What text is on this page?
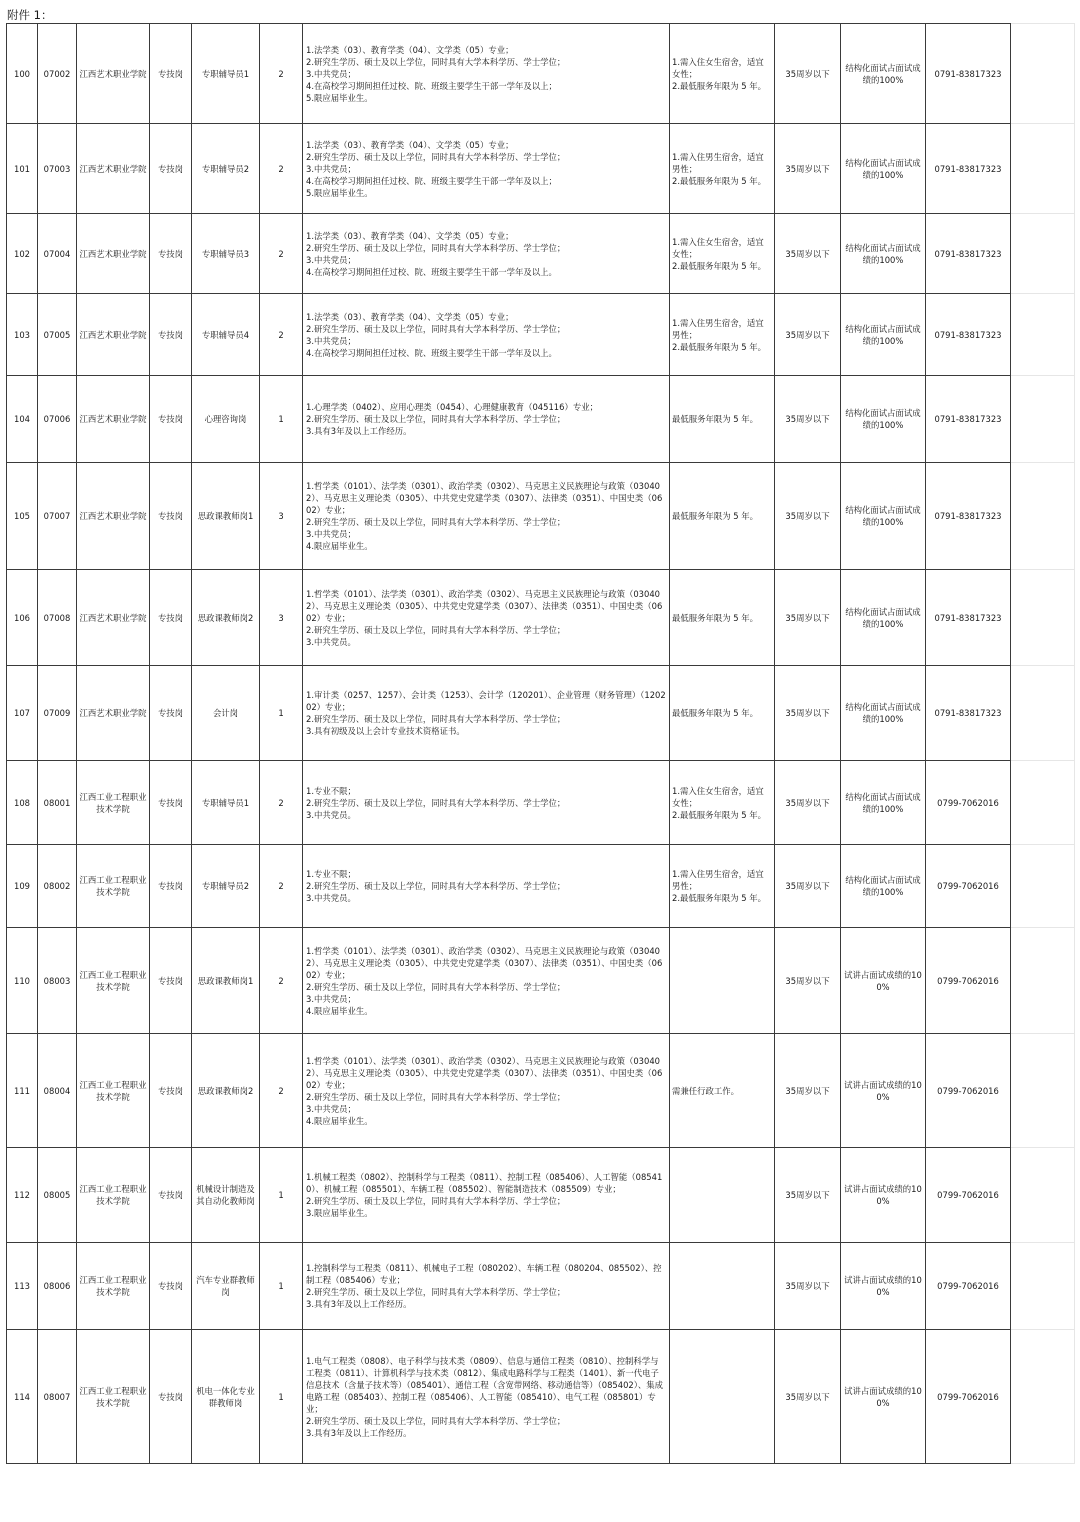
附件 1：
100	07002	江西艺术职业学院	专技岗	专职辅导员1	2	1.法学类（03）、教育学类（04）、文学类（05）专业；
2.研究生学历、硕士及以上学位，同时具有大学本科学历、学士学位；
3.中共党员；
4.在高校学习期间担任过校、院、班级主要学生干部一学年及以上；
5.限应届毕业生。	1.需入住女生宿舍，适宜女性；
2.最低服务年限为 5 年。	35周岁以下	结构化面试占面试成绩的100%	0791-83817323	
101	07003	江西艺术职业学院	专技岗	专职辅导员2	2	1.法学类（03）、教育学类（04）、文学类（05）专业；
2.研究生学历、硕士及以上学位，同时具有大学本科学历、学士学位；
3.中共党员；
4.在高校学习期间担任过校、院、班级主要学生干部一学年及以上；
5.限应届毕业生。	1.需入住男生宿舍，适宜男性；
2.最低服务年限为 5 年。	35周岁以下	结构化面试占面试成绩的100%	0791-83817323	
102	07004	江西艺术职业学院	专技岗	专职辅导员3	2	1.法学类（03）、教育学类（04）、文学类（05）专业；
2.研究生学历、硕士及以上学位，同时具有大学本科学历、学士学位；
3.中共党员；
4.在高校学习期间担任过校、院、班级主要学生干部一学年及以上。	1.需入住女生宿舍，适宜女性；
2.最低服务年限为 5 年。	35周岁以下	结构化面试占面试成绩的100%	0791-83817323	
103	07005	江西艺术职业学院	专技岗	专职辅导员4	2	1.法学类（03）、教育学类（04）、文学类（05）专业；
2.研究生学历、硕士及以上学位，同时具有大学本科学历、学士学位；
3.中共党员；
4.在高校学习期间担任过校、院、班级主要学生干部一学年及以上。	1.需入住男生宿舍，适宜男性；
2.最低服务年限为 5 年。	35周岁以下	结构化面试占面试成绩的100%	0791-83817323	
104	07006	江西艺术职业学院	专技岗	心理咨询岗	1	1.心理学类（0402）、应用心理类（0454）、心理健康教育（045116）专业；
2.研究生学历、硕士及以上学位，同时具有大学本科学历、学士学位；
3.具有3年及以上工作经历。	最低服务年限为 5 年。	35周岁以下	结构化面试占面试成绩的100%	0791-83817323	
105	07007	江西艺术职业学院	专技岗	思政课教师岗1	3	1.哲学类（0101）、法学类（0301）、政治学类（0302）、马克思主义民族理论与政策（030402）、马克思主义理论类（0305）、中共党史党建学类（0307）、法律类（0351）、中国史类（0602）专业；
2.研究生学历、硕士及以上学位，同时具有大学本科学历、学士学位；
3.中共党员；
4.限应届毕业生。	最低服务年限为 5 年。	35周岁以下	结构化面试占面试成绩的100%	0791-83817323	
106	07008	江西艺术职业学院	专技岗	思政课教师岗2	3	1.哲学类（0101）、法学类（0301）、政治学类（0302）、马克思主义民族理论与政策（030402）、马克思主义理论类（0305）、中共党史党建学类（0307）、法律类（0351）、中国史类（0602）专业；
2.研究生学历、硕士及以上学位，同时具有大学本科学历、学士学位；
3.中共党员。	最低服务年限为 5 年。	35周岁以下	结构化面试占面试成绩的100%	0791-83817323	
107	07009	江西艺术职业学院	专技岗	会计岗	1	1.审计类（0257、1257）、会计类（1253）、会计学（120201）、企业管理（财务管理）（120202）专业；
2.研究生学历、硕士及以上学位，同时具有大学本科学历、学士学位；
3.具有初级及以上会计专业技术资格证书。	最低服务年限为 5 年。	35周岁以下	结构化面试占面试成绩的100%	0791-83817323	
108	08001	江西工业工程职业技术学院	专技岗	专职辅导员1	2	1.专业不限；
2.研究生学历、硕士及以上学位，同时具有大学本科学历、学士学位；
3.中共党员。	1.需入住女生宿舍，适宜女性；
2.最低服务年限为 5 年。	35周岁以下	结构化面试占面试成绩的100%	0799-7062016	
109	08002	江西工业工程职业技术学院	专技岗	专职辅导员2	2	1.专业不限；
2.研究生学历、硕士及以上学位，同时具有大学本科学历、学士学位；
3.中共党员。	1.需入住男生宿舍，适宜男性；
2.最低服务年限为 5 年。	35周岁以下	结构化面试占面试成绩的100%	0799-7062016	
110	08003	江西工业工程职业技术学院	专技岗	思政课教师岗1	2	1.哲学类（0101）、法学类（0301）、政治学类（0302）、马克思主义民族理论与政策（030402）、马克思主义理论类（0305）、中共党史党建学类（0307）、法律类（0351）、中国史类（0602）专业；
2.研究生学历、硕士及以上学位，同时具有大学本科学历、学士学位；
3.中共党员；
4.限应届毕业生。		35周岁以下	试讲占面试成绩的100%	0799-7062016	
111	08004	江西工业工程职业技术学院	专技岗	思政课教师岗2	2	1.哲学类（0101）、法学类（0301）、政治学类（0302）、马克思主义民族理论与政策（030402）、马克思主义理论类（0305）、中共党史党建学类（0307）、法律类（0351）、中国史类（0602）专业；
2.研究生学历、硕士及以上学位，同时具有大学本科学历、学士学位；
3.中共党员；
4.限应届毕业生。	需兼任行政工作。	35周岁以下	试讲占面试成绩的100%	0799-7062016	
112	08005	江西工业工程职业技术学院	专技岗	机械设计制造及其自动化教师岗	1	1.机械工程类（0802）、控制科学与工程类（0811）、控制工程（085406）、人工智能（085410）、机械工程（085501）、车辆工程（085502）、智能制造技术（085509）专业；
2.研究生学历、硕士及以上学位，同时具有大学本科学历、学士学位；
3.限应届毕业生。		35周岁以下	试讲占面试成绩的100%	0799-7062016	
113	08006	江西工业工程职业技术学院	专技岗	汽车专业群教师岗	1	1.控制科学与工程类（0811）、机械电子工程（080202）、车辆工程（080204、085502）、控制工程（085406）专业；
2.研究生学历、硕士及以上学位，同时具有大学本科学历、学士学位；
3.具有3年及以上工作经历。		35周岁以下	试讲占面试成绩的100%	0799-7062016	
114	08007	江西工业工程职业技术学院	专技岗	机电一体化专业群教师岗	1	1.电气工程类（0808）、电子科学与技术类（0809）、信息与通信工程类（0810）、控制科学与工程类（0811）、计算机科学与技术类（0812）、集成电路科学与工程类（1401）、新一代电子信息技术（含量子技术等）（085401）、通信工程（含宽带网络、移动通信等）（085402）、集成电路工程（085403）、控制工程（085406）、人工智能（085410）、电气工程（085801）专业；
2.研究生学历、硕士及以上学位，同时具有大学本科学历、学士学位；
3.具有3年及以上工作经历。		35周岁以下	试讲占面试成绩的100%	0799-7062016	
